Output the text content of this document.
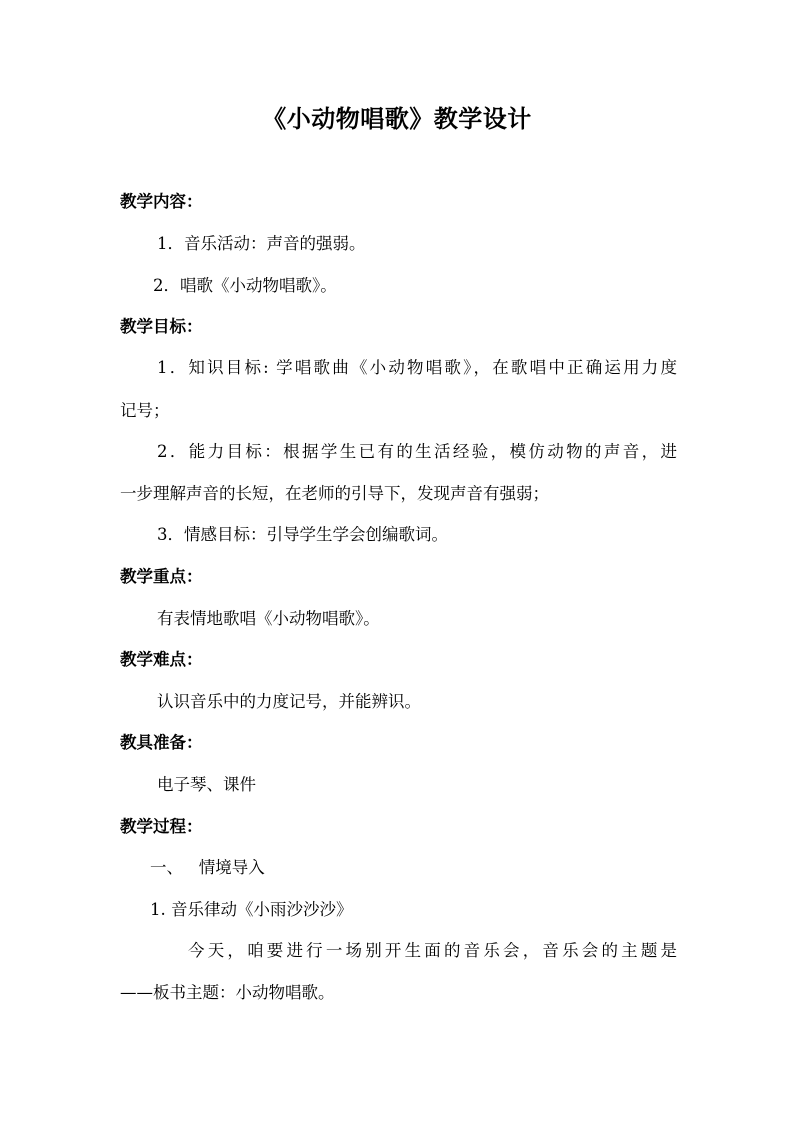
《小动物唱歌》教学设计
教学内容：
1．音乐活动：声音的强弱。
2．唱歌《小动物唱歌》。
教学目标：
1．知识目标: 学唱歌曲《小动物唱歌》，在歌唱中正确运用力度
记号；
2．能力目标：根据学生已有的生活经验，模仿动物的声音，进
一步理解声音的长短，在老师的引导下，发现声音有强弱；
3．情感目标：引导学生学会创编歌词。
教学重点：
有表情地歌唱《小动物唱歌》。
教学难点：
认识音乐中的力度记号，并能辨识。
教具准备：
电子琴、课件
教学过程：
一、   情境导入
1. 音乐律动《小雨沙沙沙》
今天，咱要进行一场别开生面的音乐会，音乐会的主题是
——板书主题：小动物唱歌。
